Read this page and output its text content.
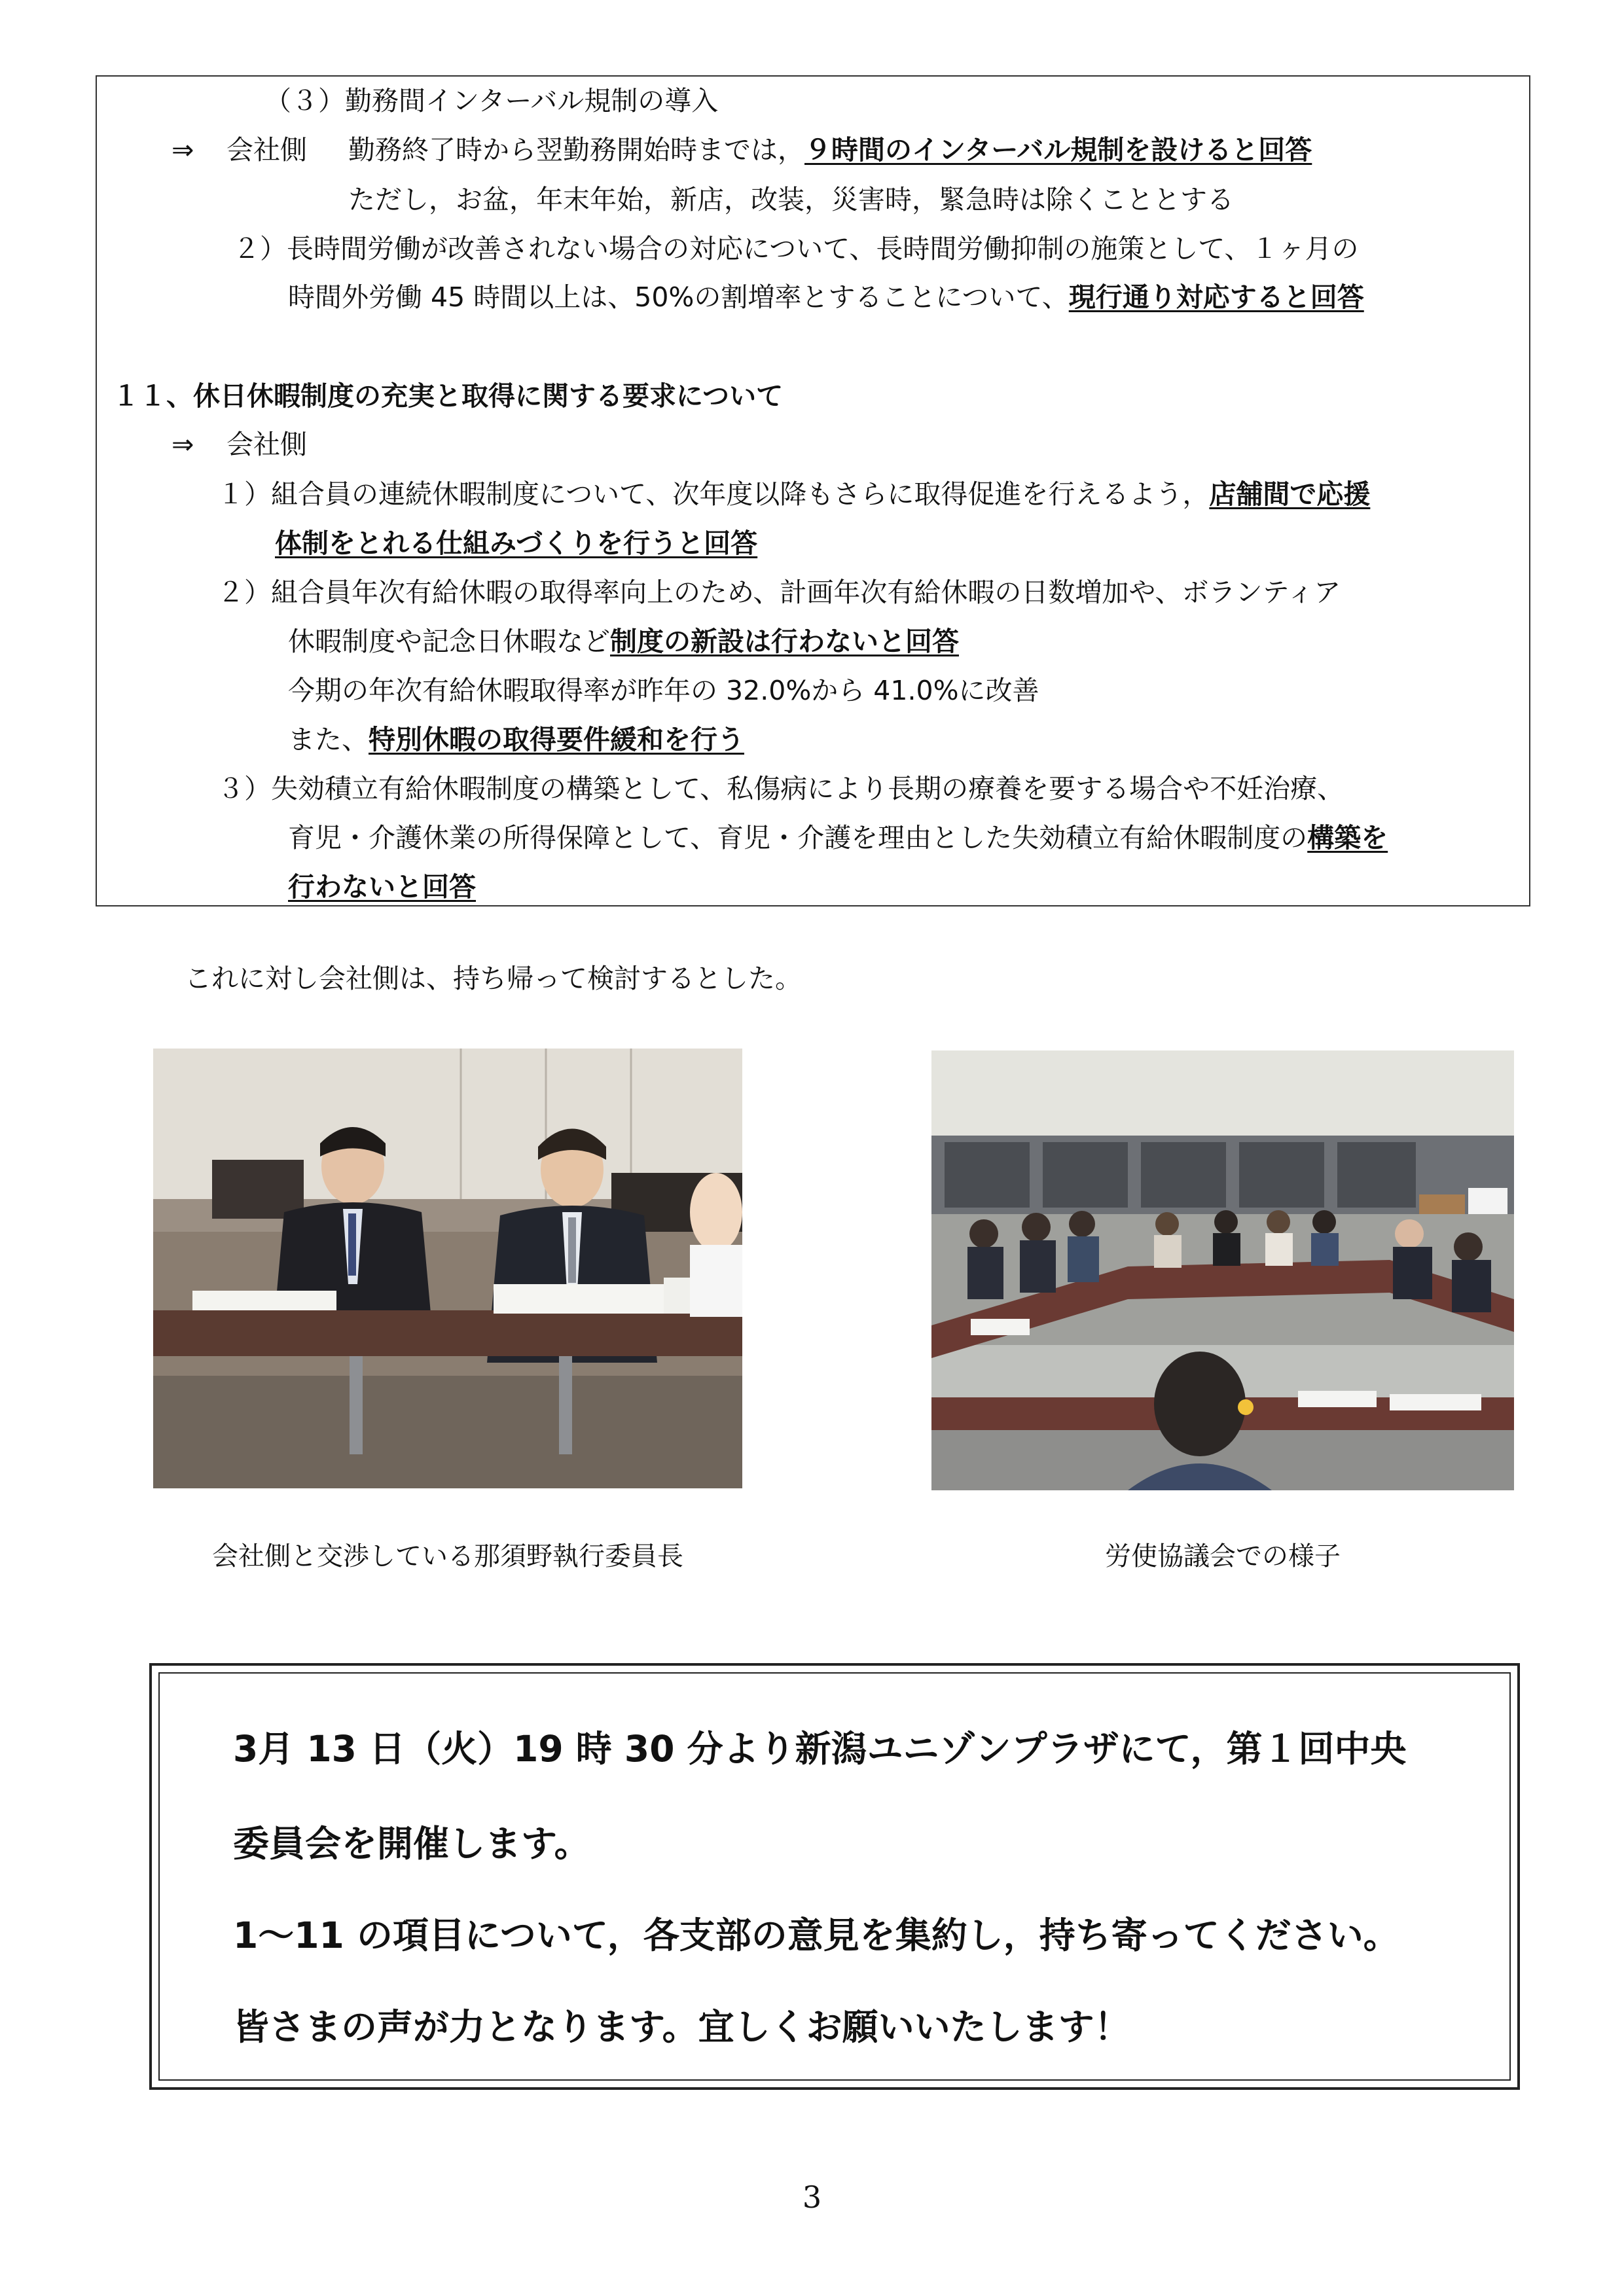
（３）勤務間インターバル規制の導入
⇒ 会社側 勤務終了時から翌勤務開始時までは，９時間のインターバル規制を設けると回答
ただし，お盆，年末年始，新店，改装，災害時，緊急時は除くこととする
２）長時間労働が改善されない場合の対応について、長時間労働抑制の施策として、１ヶ月の
時間外労働 45 時間以上は、50%の割増率とすることについて、現行通り対応すると回答
１１、休日休暇制度の充実と取得に関する要求について
⇒ 会社側
１）組合員の連続休暇制度について、次年度以降もさらに取得促進を行えるよう，店舗間で応援
体制をとれる仕組みづくりを行うと回答
２）組合員年次有給休暇の取得率向上のため、計画年次有給休暇の日数増加や、ボランティア
休暇制度や記念日休暇など制度の新設は行わないと回答
今期の年次有給休暇取得率が昨年の 32.0%から 41.0%に改善
また、特別休暇の取得要件緩和を行う
３）失効積立有給休暇制度の構築として、私傷病により長期の療養を要する場合や不妊治療、
育児・介護休業の所得保障として、育児・介護を理由とした失効積立有給休暇制度の構築を
行わないと回答
これに対し会社側は、持ち帰って検討するとした。
会社側と交渉している那須野執行委員長	労使協議会での様子
3月 13 日（火）19 時 30 分より新潟ユニゾンプラザにて，第１回中央
委員会を開催します。
1～11 の項目について，各支部の意見を集約し，持ち寄ってください。
皆さまの声が力となります。宜しくお願いいたします！
3
